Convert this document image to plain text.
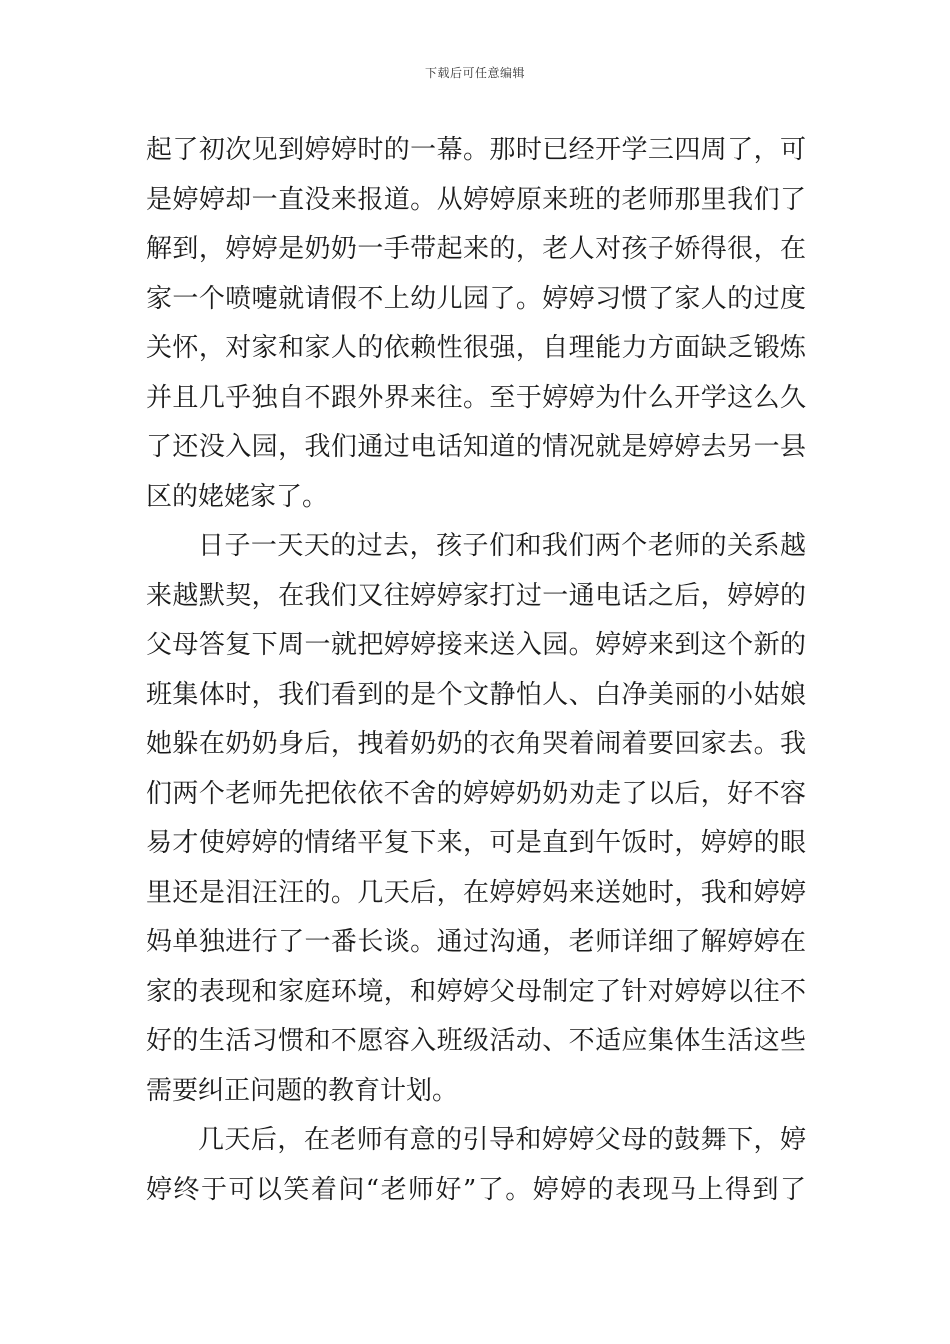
下载后可任意编辑
起了初次见到婷婷时的一幕。那时已经开学三四周了，可
是婷婷却一直没来报道。从婷婷原来班的老师那里我们了
解到，婷婷是奶奶一手带起来的，老人对孩子娇得很，在
家一个喷嚏就请假不上幼儿园了。婷婷习惯了家人的过度
关怀，对家和家人的依赖性很强，自理能力方面缺乏锻炼
并且几乎独自不跟外界来往。至于婷婷为什么开学这么久
了还没入园，我们通过电话知道的情况就是婷婷去另一县
区的姥姥家了。
日子一天天的过去，孩子们和我们两个老师的关系越
来越默契，在我们又往婷婷家打过一通电话之后，婷婷的
父母答复下周一就把婷婷接来送入园。婷婷来到这个新的
班集体时，我们看到的是个文静怕人、白净美丽的小姑娘
她躲在奶奶身后，拽着奶奶的衣角哭着闹着要回家去。我
们两个老师先把依依不舍的婷婷奶奶劝走了以后，好不容
易才使婷婷的情绪平复下来，可是直到午饭时，婷婷的眼
里还是泪汪汪的。几天后，在婷婷妈来送她时，我和婷婷
妈单独进行了一番长谈。通过沟通，老师详细了解婷婷在
家的表现和家庭环境，和婷婷父母制定了针对婷婷以往不
好的生活习惯和不愿容入班级活动、不适应集体生活这些
需要纠正问题的教育计划。
几天后，在老师有意的引导和婷婷父母的鼓舞下，婷
婷终于可以笑着问“老师好”了。婷婷的表现马上得到了
